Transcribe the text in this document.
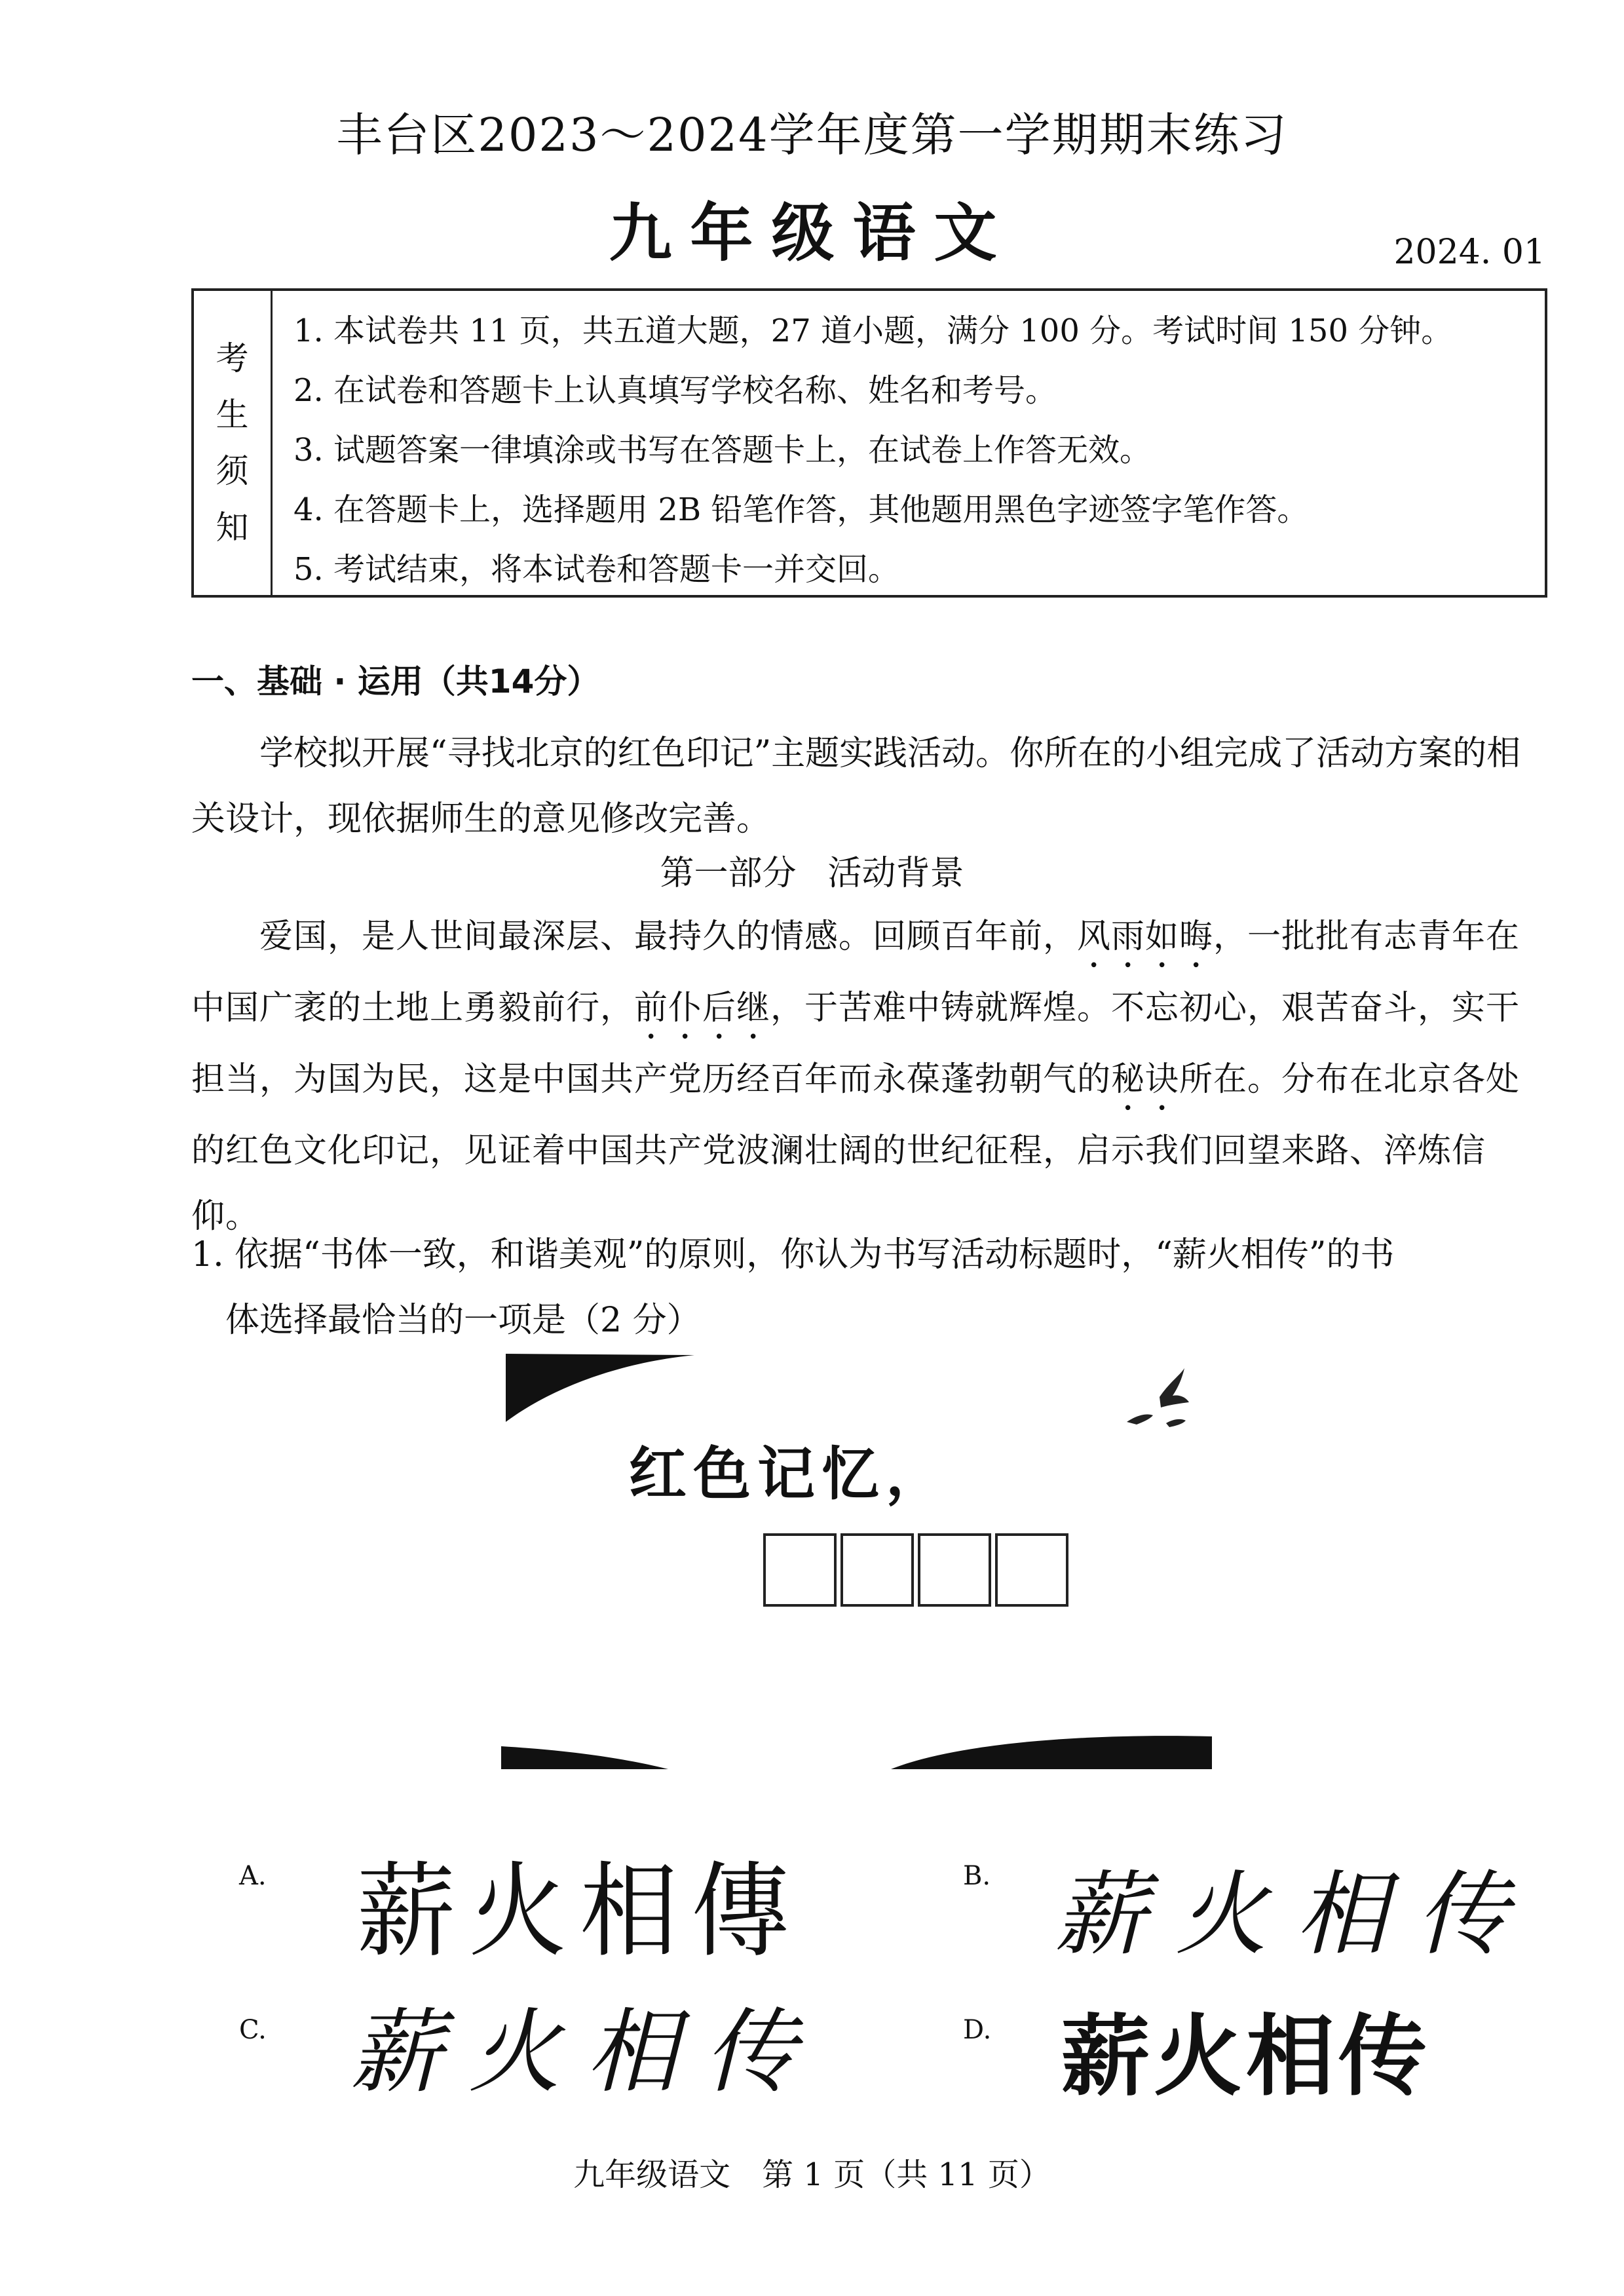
丰台区2023～2024学年度第一学期期末练习
九年级语文	2024. 01
考
生
须
知
1. 本试卷共 11 页，共五道大题，27 道小题，满分 100 分。考试时间 150 分钟。
2. 在试卷和答题卡上认真填写学校名称、姓名和考号。
3. 试题答案一律填涂或书写在答题卡上，在试卷上作答无效。
4. 在答题卡上，选择题用 2B 铅笔作答，其他题用黑色字迹签字笔作答。
5. 考试结束，将本试卷和答题卡一并交回。
一、基础 · 运用（共14分）
学校拟开展“寻找北京的红色印记”主题实践活动。你所在的小组完成了活动方案的相关设计，现依据师生的意见修改完善。
第一部分 活动背景
爱国，是人世间最深层、最持久的情感。回顾百年前，风雨如晦，一批批有志青年在中国广袤的土地上勇毅前行，前仆后继，于苦难中铸就辉煌。不忘初心，艰苦奋斗，实干担当，为国为民，这是中国共产党历经百年而永葆蓬勃朝气的秘诀所在。分布在北京各处的红色文化印记，见证着中国共产党波澜壮阔的世纪征程，启示我们回望来路、淬炼信仰。
1. 依据“书体一致，和谐美观”的原则，你认为书写活动标题时，“薪火相传”的书
体选择最恰当的一项是（2 分）
红色记忆，
A. 薪火相傳	B. 薪火相传
C. 薪火相传	D. 薪火相传
九年级语文　第 1 页（共 11 页）
